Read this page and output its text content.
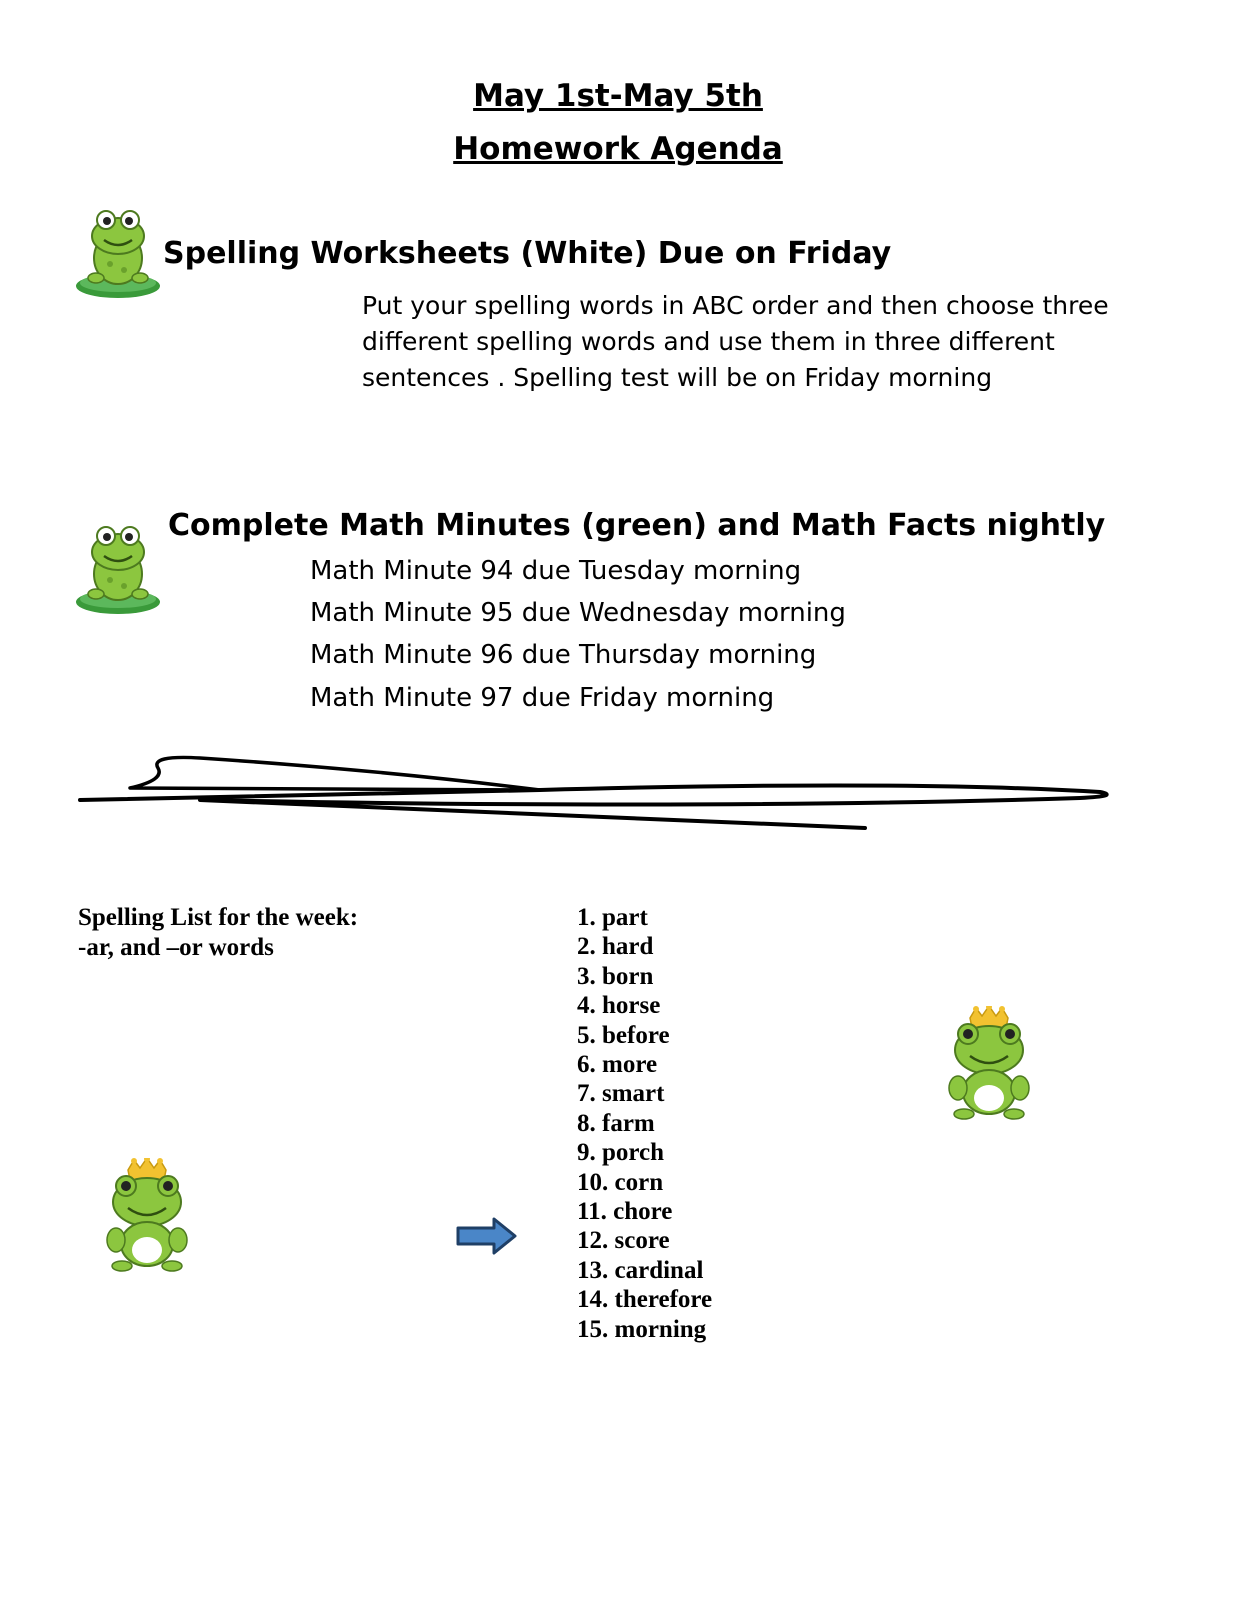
May 1st-May 5th
Homework Agenda
Spelling Worksheets (White) Due on Friday
Put your spelling words in ABC order and then choose three
different spelling words and use them in three different
sentences . Spelling test will be on Friday morning
Complete Math Minutes (green) and Math Facts nightly
Math Minute 94 due Tuesday morning
Math Minute 95 due Wednesday morning
Math Minute 96 due Thursday morning
Math Minute 97 due Friday morning
Spelling List for the week:
-ar, and –or words
1. part
2. hard
3. born
4. horse
5. before
6. more
7. smart
8. farm
9. porch
10. corn
11. chore
12. score
13. cardinal
14. therefore
15. morning
